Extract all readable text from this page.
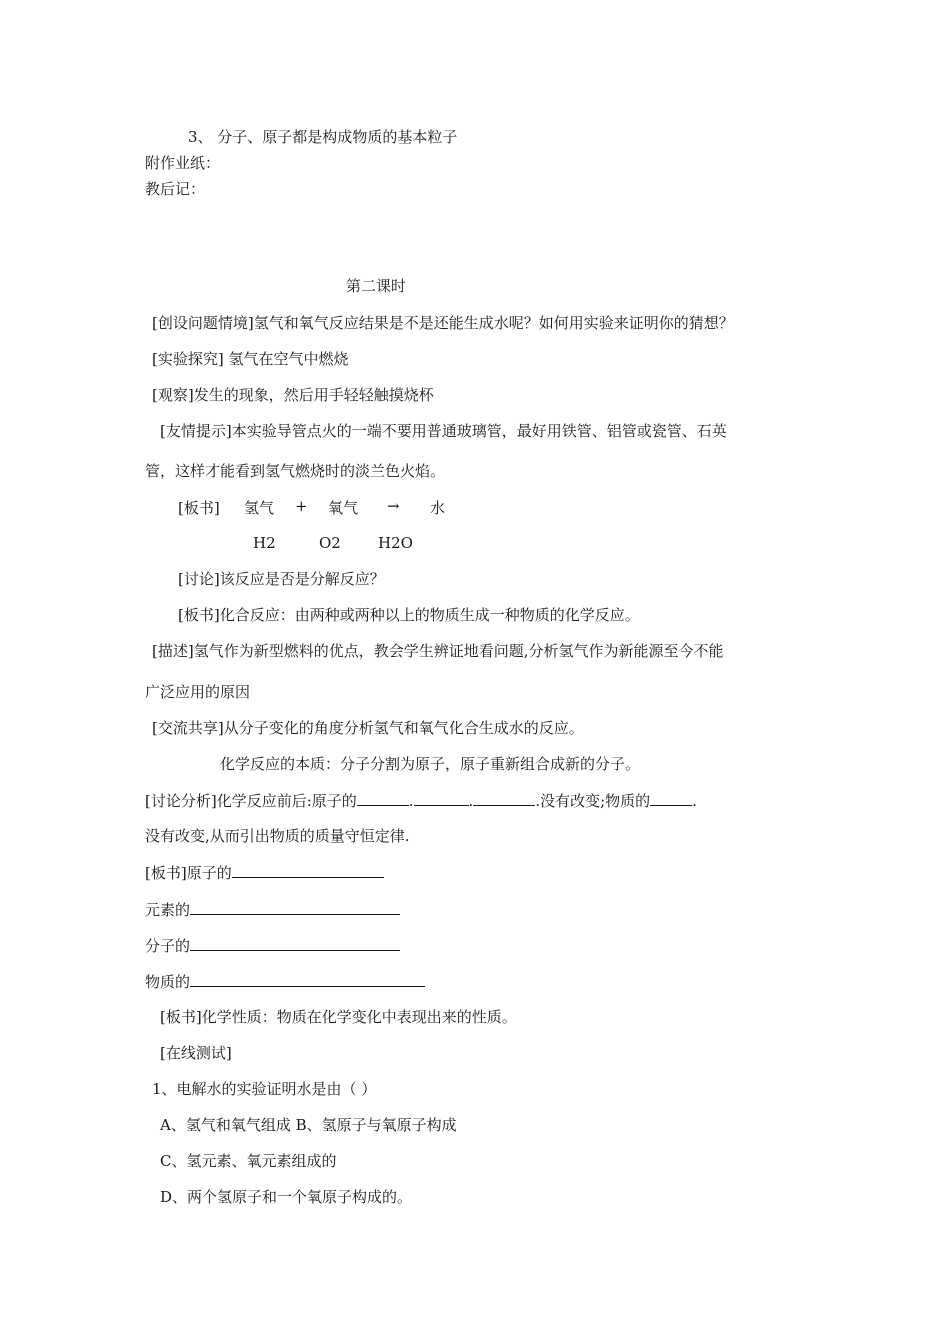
3、 分子、原子都是构成物质的基本粒子
附作业纸：
教后记：
第二课时
[创设问题情境]氢气和氧气反应结果是不是还能生成水呢？如何用实验来证明你的猜想？
[实验探究] 氢气在空气中燃烧
[观察]发生的现象，然后用手轻轻触摸烧杯
[友情提示]本实验导管点火的一端不要用普通玻璃管，最好用铁管、铝管或瓷管、石英
管，这样才能看到氢气燃烧时的淡兰色火焰。
[板书] 氢气 + 氧气 → 水
H2	O2 H2O
[讨论]该反应是否是分解反应？
[板书]化合反应：由两种或两种以上的物质生成一种物质的化学反应。
[描述]氢气作为新型燃料的优点，教会学生辨证地看问题,分析氢气作为新能源至今不能
广泛应用的原因
[交流共享]从分子变化的角度分析氢气和氧气化合生成水的反应。
化学反应的本质：分子分割为原子，原子重新组合成新的分子。
[讨论分析]化学反应前后:原子的	.	.	.没有改变;物质的	.
没有改变,从而引出物质的质量守恒定律.
[板书]原子的
元素的
分子的
物质的
[板书]化学性质：物质在化学变化中表现出来的性质。
[在线测试]
1、电解水的实验证明水是由（ ）
A、氢气和氧气组成 B、氢原子与氧原子构成
C、氢元素、氧元素组成的
D、两个氢原子和一个氧原子构成的。
